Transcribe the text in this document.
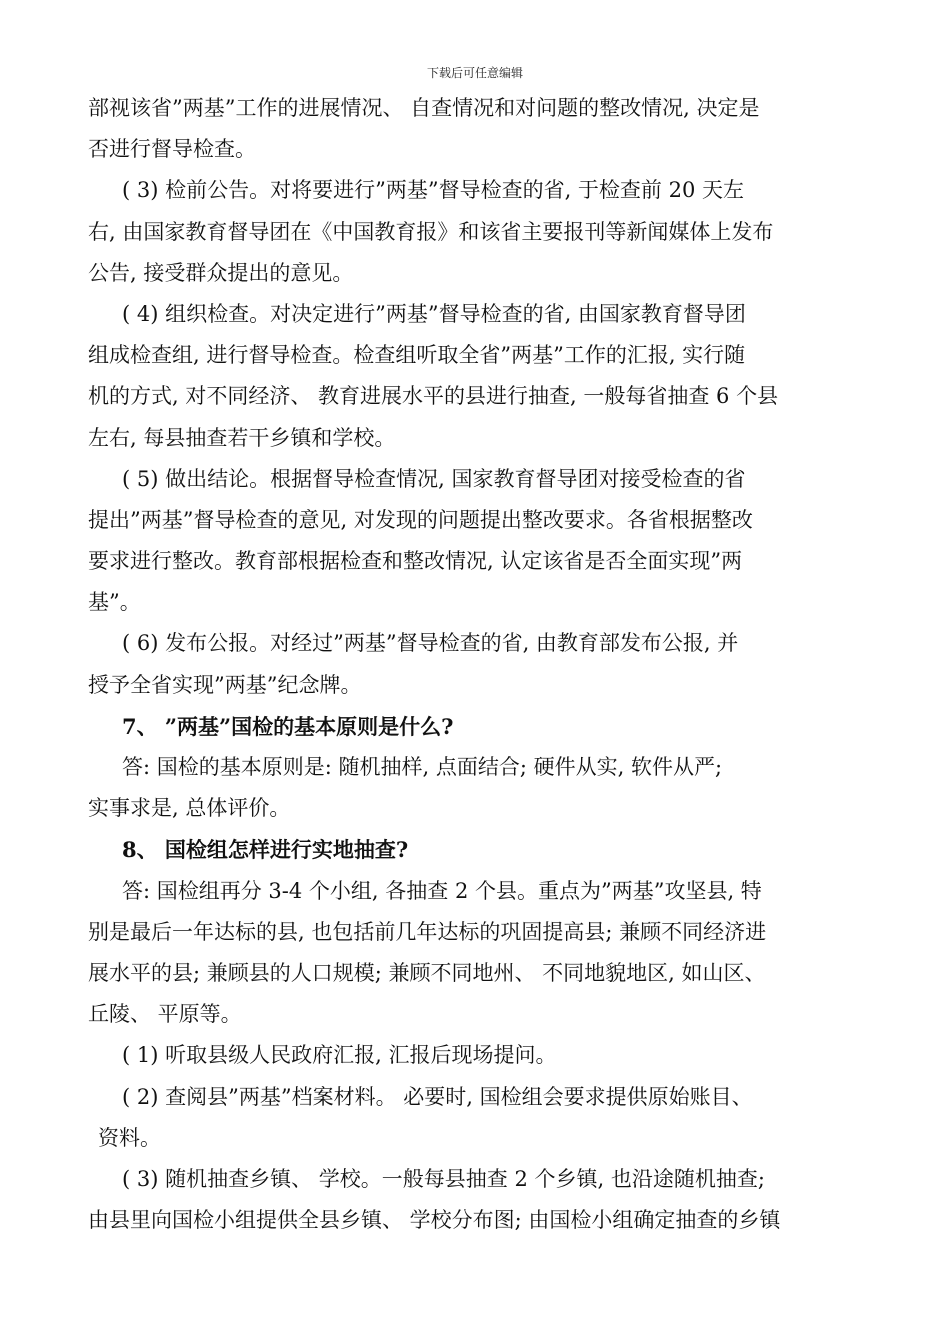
下载后可任意编辑
部视该省”两基”工作的进展情况、 自查情况和对问题的整改情况, 决定是
否进行督导检查。
( 3) 检前公告。对将要进行”两基”督导检查的省, 于检查前 20 天左
右, 由国家教育督导团在《中国教育报》和该省主要报刊等新闻媒体上发布
公告, 接受群众提出的意见。
( 4) 组织检查。对决定进行”两基”督导检查的省, 由国家教育督导团
组成检查组, 进行督导检查。检查组听取全省”两基”工作的汇报, 实行随
机的方式, 对不同经济、 教育进展水平的县进行抽查, 一般每省抽查 6 个县
左右, 每县抽查若干乡镇和学校。
( 5) 做出结论。根据督导检查情况, 国家教育督导团对接受检查的省
提出”两基”督导检查的意见, 对发现的问题提出整改要求。各省根据整改
要求进行整改。教育部根据检查和整改情况, 认定该省是否全面实现”两
基”。
( 6) 发布公报。对经过”两基”督导检查的省, 由教育部发布公报, 并
授予全省实现”两基”纪念牌。
7、 ”两基”国检的基本原则是什么?
答: 国检的基本原则是: 随机抽样, 点面结合; 硬件从实, 软件从严;
实事求是, 总体评价。
8、 国检组怎样进行实地抽查?
答: 国检组再分 3-4 个小组, 各抽查 2 个县。重点为”两基”攻坚县, 特
别是最后一年达标的县, 也包括前几年达标的巩固提高县; 兼顾不同经济进
展水平的县; 兼顾县的人口规模; 兼顾不同地州、 不同地貌地区, 如山区、
丘陵、 平原等。
( 1) 听取县级人民政府汇报, 汇报后现场提问。
( 2) 查阅县”两基”档案材料。 必要时, 国检组会要求提供原始账目、
资料。
( 3) 随机抽查乡镇、 学校。一般每县抽查 2 个乡镇, 也沿途随机抽查;
由县里向国检小组提供全县乡镇、 学校分布图; 由国检小组确定抽查的乡镇
